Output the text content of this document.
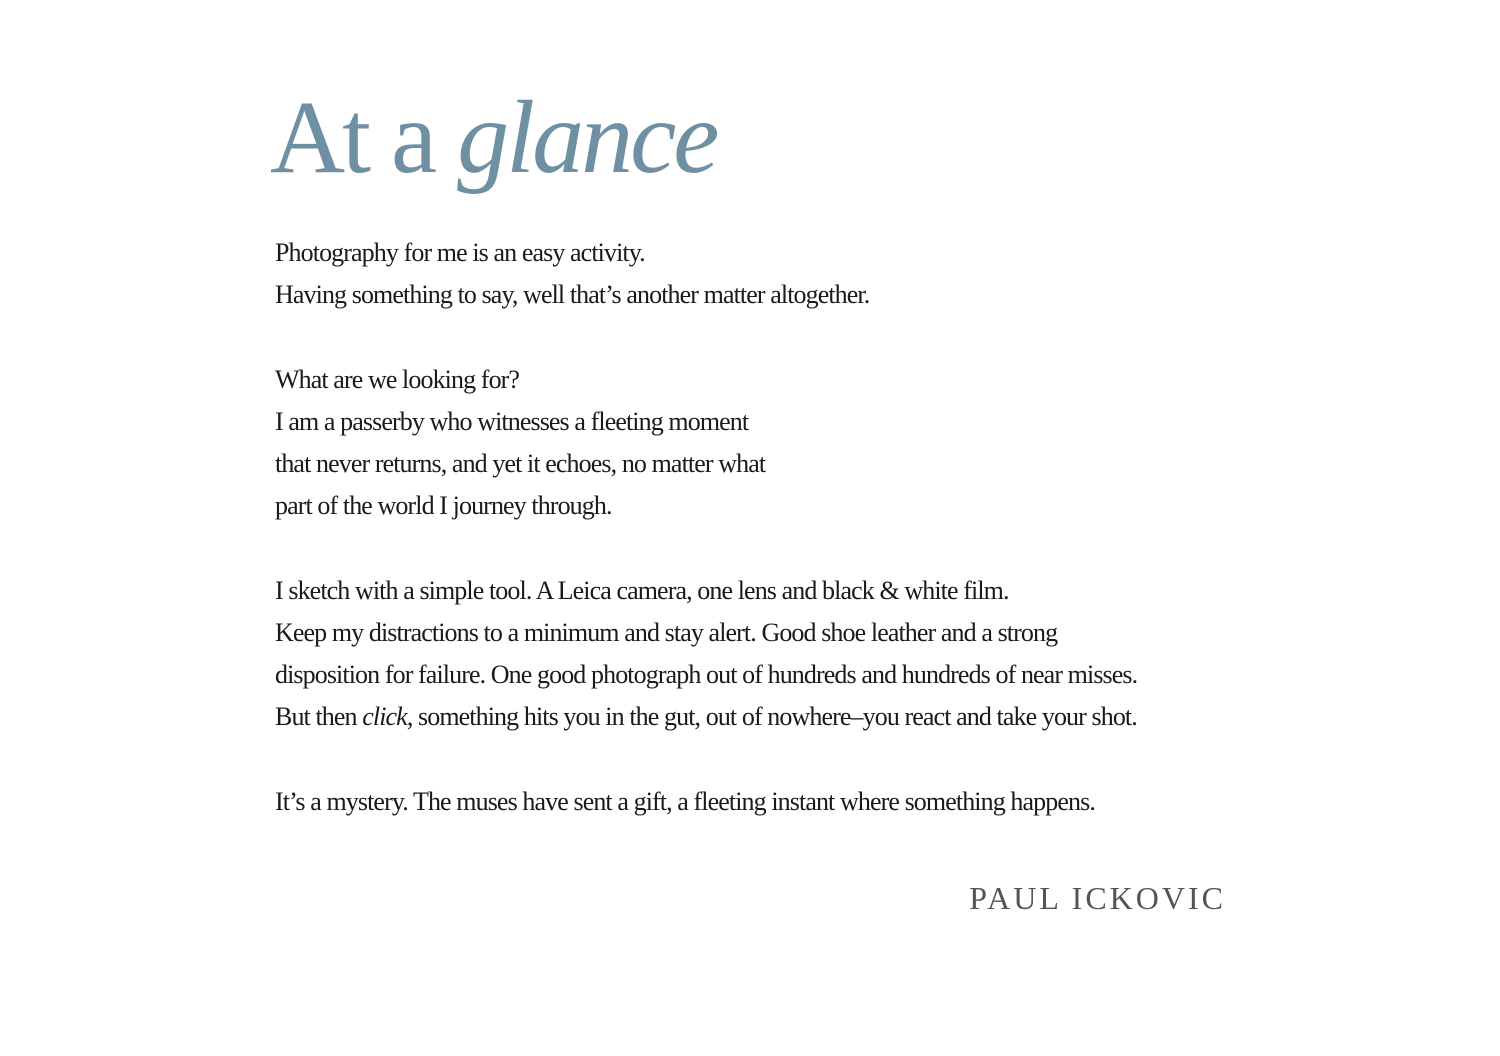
At a glance
Photography for me is an easy activity.
Having something to say, well that’s another matter altogether.
What are we looking for?
I am a passerby who witnesses a fleeting moment
that never returns, and yet it echoes, no matter what
part of the world I journey through.
I sketch with a simple tool. A Leica camera, one lens and black & white film.
Keep my distractions to a minimum and stay alert. Good shoe leather and a strong
disposition for failure. One good photograph out of hundreds and hundreds of near misses.
But then click, something hits you in the gut, out of nowhere–you react and take your shot.
It’s a mystery. The muses have sent a gift, a fleeting instant where something happens.
PAUL ICKOVIC
